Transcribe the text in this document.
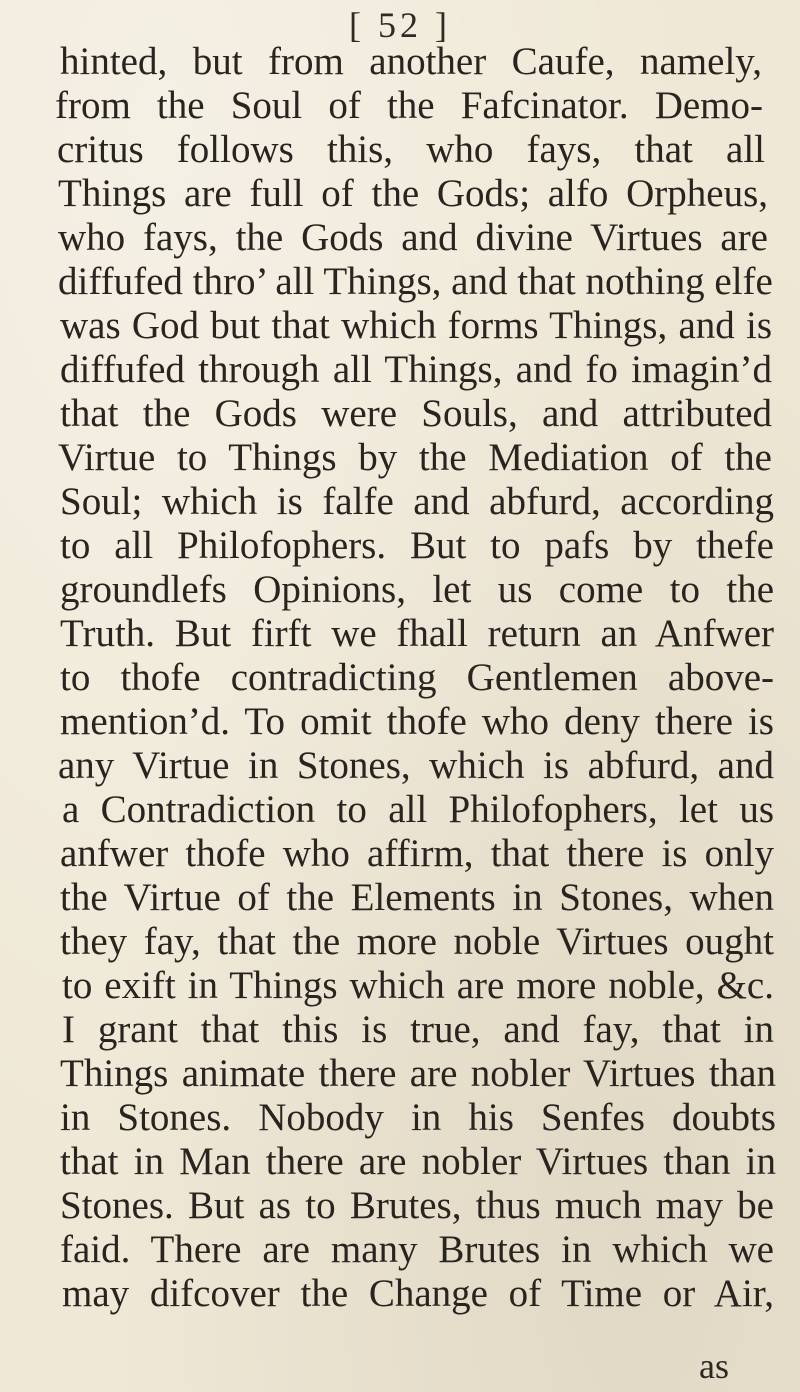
[ 52 ]
hinted, but from another Caufe, namely,
from the Soul of the Fafcinator. Demo-
critus follows this, who fays, that all
Things are full of the Gods; alfo Orpheus,
who fays, the Gods and divine Virtues are
diffufed thro’ all Things, and that nothing elfe
was God but that which forms Things, and is
diffufed through all Things, and fo imagin’d
that the Gods were Souls, and attributed
Virtue to Things by the Mediation of the
Soul; which is falfe and abfurd, according
to all Philofophers. But to pafs by thefe
groundlefs Opinions, let us come to the
Truth. But firft we fhall return an Anfwer
to thofe contradicting Gentlemen above-
mention’d. To omit thofe who deny there is
any Virtue in Stones, which is abfurd, and
a Contradiction to all Philofophers, let us
anfwer thofe who affirm, that there is only
the Virtue of the Elements in Stones, when
they fay, that the more noble Virtues ought
to exift in Things which are more noble, &c.
I grant that this is true, and fay, that in
Things animate there are nobler Virtues than
in Stones. Nobody in his Senfes doubts
that in Man there are nobler Virtues than in
Stones. But as to Brutes, thus much may be
faid. There are many Brutes in which we
may difcover the Change of Time or Air,
as
